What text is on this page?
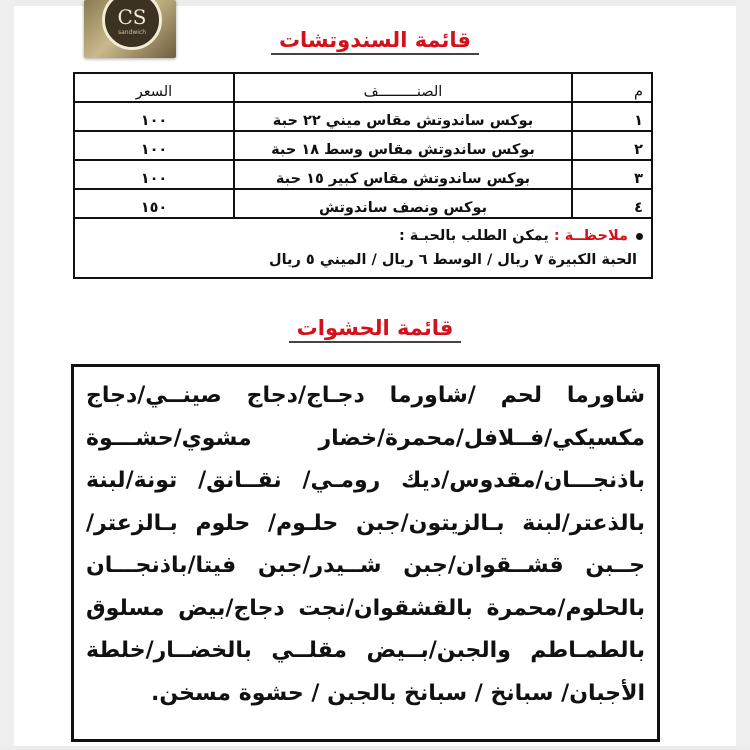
CS
sandwich	قائمة السندوتشات
م	الصنـــــــــف	السعر
١	بوكس ساندوتش مقاس ميني ٢٢ حبة	١٠٠
٢	بوكس ساندوتش مقاس وسط ١٨ حبة	١٠٠
٣	بوكس ساندوتش مقاس كبير ١٥ حبة	١٠٠
٤	بوكس ونصف ساندوتش	١٥٠

ملاحظــة : يمكن الطلب بالحبـة :
الحبة الكبيرة ٧ ريال / الوسط ٦ ريال / الميني ٥ ريال		
قائمة الحشوات
شاورما لحم /شاورما دجـاج/دجاج صينــي/دجاج
مكسيكي/فــلافل/محمرة/خضار مشوي/حشـــوة
باذنجـــان/مقدوس/ديك رومـي/ نقــانق/ تونة/لبنة
بالذعتر/لبنة بـالزيتون/جبن حلـوم/ حلوم بـالزعتر/
جــبن قشــقوان/جبن شــيدر/جبن فيتا/باذنجـــان
بالحلوم/محمرة بالقشقوان/نجت دجاج/بيض مسلوق
بالطمـاطم والجبن/بــيض مقلــي بالخضــار/خلطة
الأجبان/ سبانخ / سبانخ بالجبن / حشوة مسخن.
